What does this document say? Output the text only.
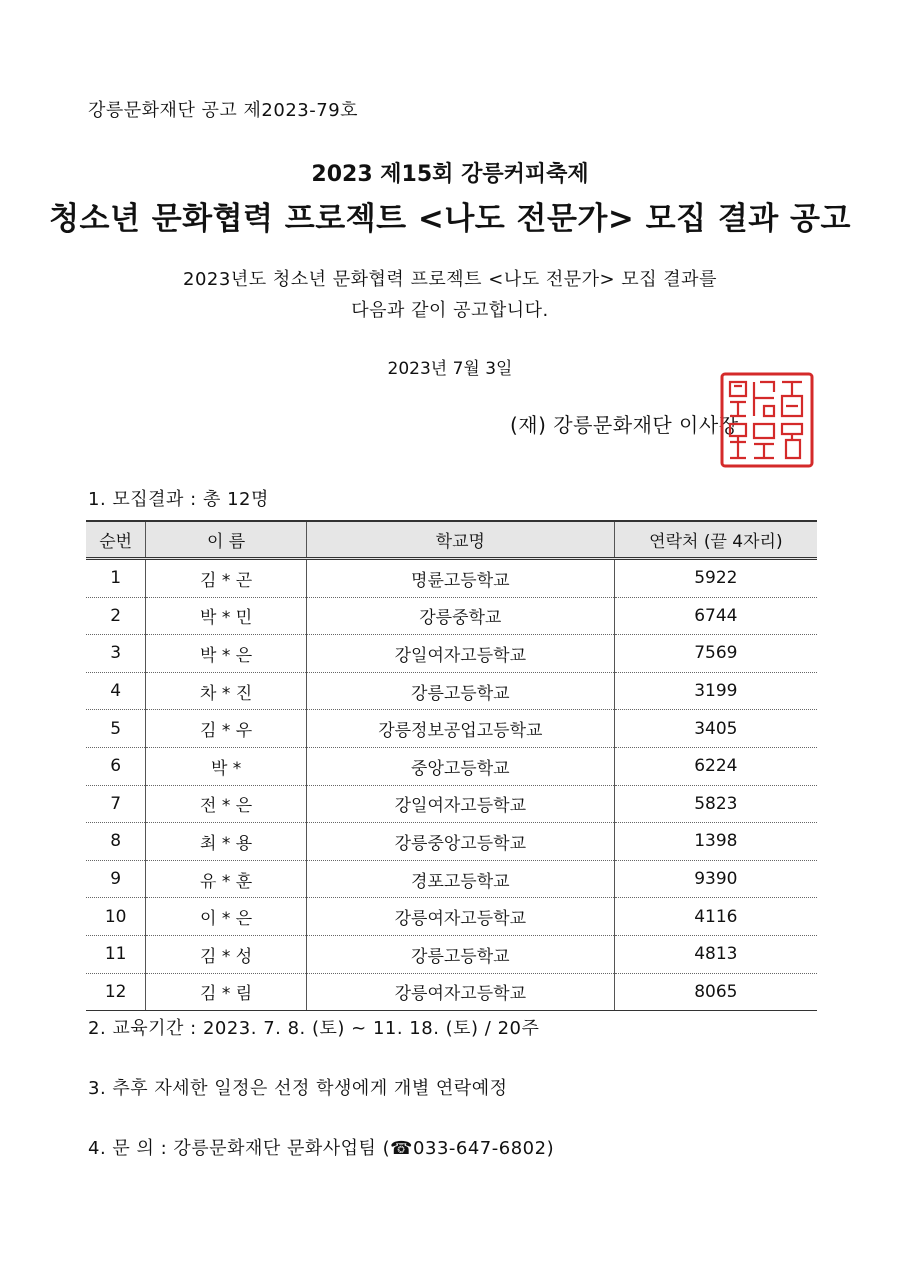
강릉문화재단 공고 제2023-79호
2023 제15회 강릉커피축제
청소년 문화협력 프로젝트 <나도 전문가> 모집 결과 공고
2023년도 청소년 문화협력 프로젝트 <나도 전문가> 모집 결과를
다음과 같이 공고합니다.
2023년 7월 3일
(재) 강릉문화재단 이사장
1. 모집결과 : 총 12명
순번	이 름	학교명	연락처 (끝 4자리)
1	김 * 곤	명륜고등학교	5922
2	박 * 민	강릉중학교	6744
3	박 * 은	강일여자고등학교	7569
4	차 * 진	강릉고등학교	3199
5	김 * 우	강릉정보공업고등학교	3405
6	박 *	중앙고등학교	6224
7	전 * 은	강일여자고등학교	5823
8	최 * 용	강릉중앙고등학교	1398
9	유 * 훈	경포고등학교	9390
10	이 * 은	강릉여자고등학교	4116
11	김 * 성	강릉고등학교	4813
12	김 * 림	강릉여자고등학교	8065
2. 교육기간 : 2023. 7. 8. (토) ~ 11. 18. (토) / 20주
3. 추후 자세한 일정은 선정 학생에게 개별 연락예정
4. 문 의 : 강릉문화재단 문화사업팀 (☎033-647-6802)
